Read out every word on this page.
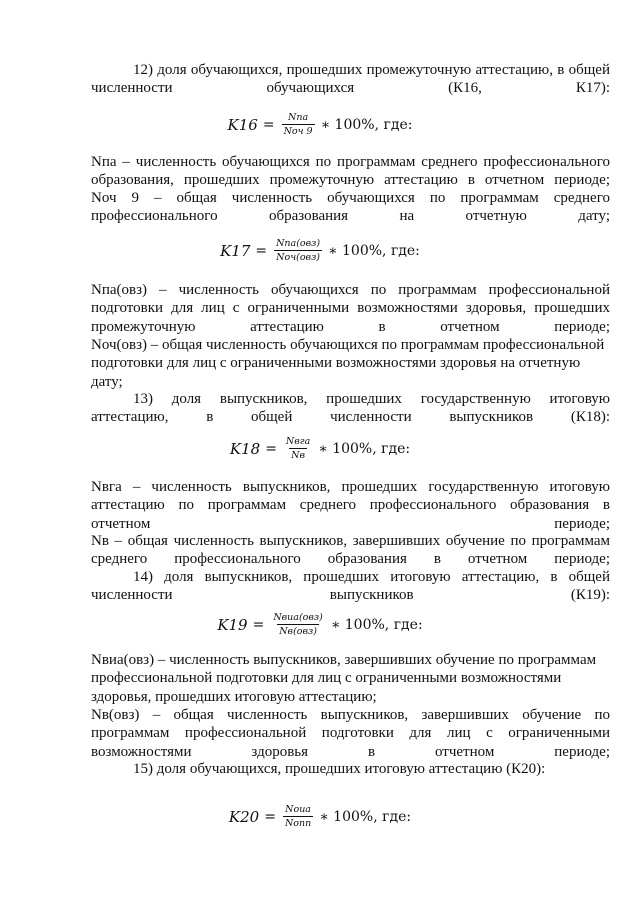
12) доля обучающихся, прошедших промежуточную аттестацию, в общей численности обучающихся (К16, К17):
$K16 = \frac{\text{Nпа}}{\text{Nоч 9}}$ ∗ 100%, где:
Nпа – численность обучающихся по программам среднего профессионального образования, прошедших промежуточную аттестацию в отчетном периоде;
Nоч 9 – общая численность обучающихся по программам среднего профессионального образования на отчетную дату;
$K17 = \frac{\text{Nпа(овз)}}{\text{Nоч(овз)}}$ ∗ 100%, где:
Nпа(овз) – численность обучающихся по программам профессиональной подготовки для лиц с ограниченными возможностями здоровья, прошедших промежуточную аттестацию в отчетном периоде;
Nоч(овз) – общая численность обучающихся по программам профессиональной подготовки для лиц с ограниченными возможностями здоровья на отчетную дату;
13) доля выпускников, прошедших государственную итоговую аттестацию, в общей численности выпускников (К18):
$K18 = \frac{\text{Nвга}}{Nв}$ ∗ 100%, где:
Nвга – численность выпускников, прошедших государственную итоговую аттестацию по программам среднего профессионального образования в отчетном периоде;
Nв – общая численность выпускников, завершивших обучение по программам среднего профессионального образования в отчетном периоде;
14) доля выпускников, прошедших итоговую аттестацию, в общей численности выпускников (К19):
$K19 = \frac{\text{Nвиа(овз)}}{\text{Nв(овз)}}$ ∗ 100%, где:
Nвиа(овз) – численность выпускников, завершивших обучение по программам профессиональной подготовки для лиц с ограниченными возможностями здоровья, прошедших итоговую аттестацию;
Nв(овз) – общая численность выпускников, завершивших обучение по программам профессиональной подготовки для лиц с ограниченными возможностями здоровья в отчетном периоде;
15) доля обучающихся, прошедших итоговую аттестацию (К20):
$K20 = \frac{\text{Nоиа}}{\text{Nопп}}$ ∗ 100%, где:
